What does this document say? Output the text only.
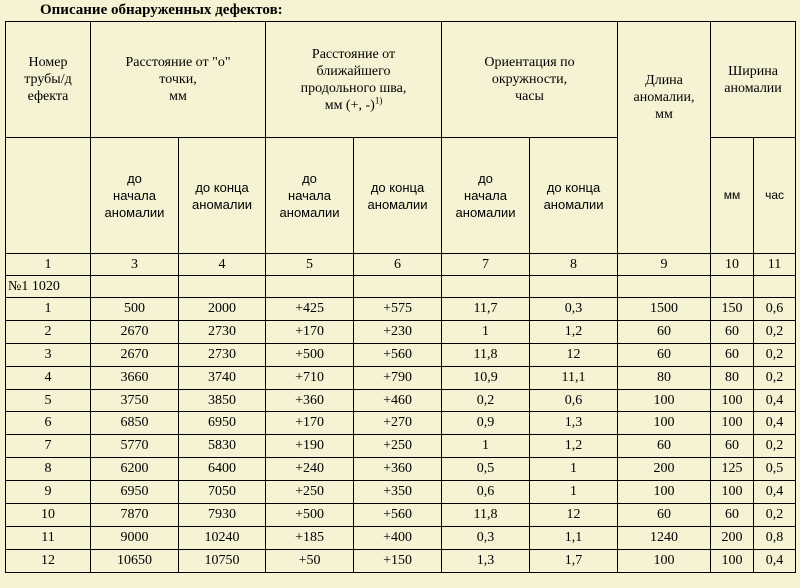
Описание обнаруженных дефектов:
Номер
трубы/д
ефекта	Расстояние от "о"
точки,
мм		Расстояние от
ближайшего
продольного шва,
мм (+, -)$^{1)}$		Ориентация по
окружности,
часы		Длина
аномалии,
мм	Ширина
аномалии	
	до
начала
аномалии	до конца
аномалии	до
начала
аномалии	до конца
аномалии	до
начала
аномалии	до конца
аномалии		мм	час
1	3	4	5	6	7	8	9	10	11
№1 1020									
1	500	2000	+425	+575	11,7	0,3	1500	150	0,6
2	2670	2730	+170	+230	1	1,2	60	60	0,2
3	2670	2730	+500	+560	11,8	12	60	60	0,2
4	3660	3740	+710	+790	10,9	11,1	80	80	0,2
5	3750	3850	+360	+460	0,2	0,6	100	100	0,4
6	6850	6950	+170	+270	0,9	1,3	100	100	0,4
7	5770	5830	+190	+250	1	1,2	60	60	0,2
8	6200	6400	+240	+360	0,5	1	200	125	0,5
9	6950	7050	+250	+350	0,6	1	100	100	0,4
10	7870	7930	+500	+560	11,8	12	60	60	0,2
11	9000	10240	+185	+400	0,3	1,1	1240	200	0,8
12	10650	10750	+50	+150	1,3	1,7	100	100	0,4
